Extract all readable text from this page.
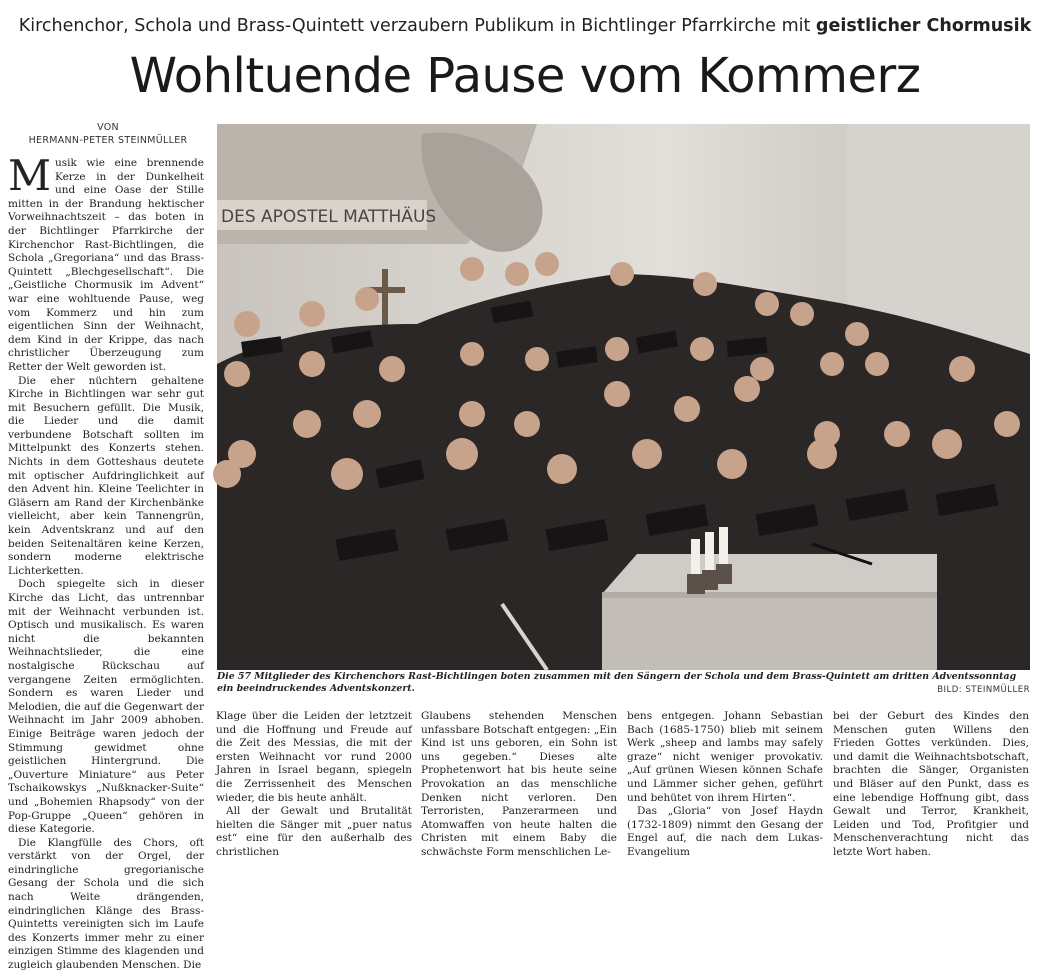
Kirchenchor, Schola und Brass-Quintett verzaubern Publikum in Bichtlinger Pfarrkirche mit geistlicher Chormusik
Wohltuende Pause vom Kommerz
VON
HERMANN-PETER STEINMÜLLER

Musik wie eine brennende Kerze in der Dunkelheit und eine Oase der Stille mitten in der Brandung hektischer Vorweihnachtszeit – das boten in der Bichtlinger Pfarrkirche der Kirchenchor Rast-Bichtlingen, die Schola „Gregoriana“ und das Brass-Quintett „Blechgesellschaft“. Die „Geistliche Chormusik im Advent“ war eine wohltuende Pause, weg vom Kommerz und hin zum eigentlichen Sinn der Weihnacht, dem Kind in der Krippe, das nach christlicher Überzeugung zum Retter der Welt geworden ist.

Die eher nüchtern gehaltene Kirche in Bichtlingen war sehr gut mit Besuchern gefüllt. Die Musik, die Lieder und die damit verbundene Botschaft sollten im Mittelpunkt des Konzerts stehen. Nichts in dem Gotteshaus deutete mit optischer Aufdringlichkeit auf den Advent hin. Kleine Teelichter in Gläsern am Rand der Kirchenbänke vielleicht, aber kein Tannengrün, kein Adventskranz und auf den beiden Seitenaltären keine Kerzen, sondern moderne elektrische Lichterketten.

Doch spiegelte sich in dieser Kirche das Licht, das untrennbar mit der Weihnacht verbunden ist. Optisch und musikalisch. Es waren nicht die bekannten Weihnachtslieder, die eine nostalgische Rückschau auf vergangene Zeiten ermöglichten. Sondern es waren Lieder und Melodien, die auf die Gegenwart der Weihnacht im Jahr 2009 abhoben. Einige Beiträge waren jedoch der Stimmung gewidmet ohne geistlichen Hintergrund. Die „Ouverture Miniature“ aus Peter Tschaikowskys „Nußknacker-Suite“ und „Bohemien Rhapsody“ von der Pop-Gruppe „Queen“ gehören in diese Kategorie.

Die Klangfülle des Chors, oft verstärkt von der Orgel, der eindringliche gregorianische Gesang der Schola und die sich nach Weite drängenden, eindringlichen Klänge des Brass-Quintetts vereinigten sich im Laufe des Konzerts immer mehr zu einer einzigen Stimme des klagenden und zugleich glaubenden Menschen. Die

DES APOSTEL MATTHÄUS
Die 57 Mitglieder des Kirchenchors Rast-Bichtlingen boten zusammen mit den Sängern der Schola und dem Brass-Quintett am dritten Adventssonntag ein beeindruckendes Adventskonzert.	BILD: STEINMÜLLER

Klage über die Leiden der letztzeit und die Hoffnung und Freude auf die Zeit des Messias, die mit der ersten Weihnacht vor rund 2000 Jahren in Israel begann, spiegeln die Zerrissenheit des Menschen wieder, die bis heute anhält.

All der Gewalt und Brutalität hielten die Sänger mit „puer natus est“ eine für den außerhalb des christlichen

Glaubens stehenden Menschen unfassbare Botschaft entgegen: „Ein Kind ist uns geboren, ein Sohn ist uns gegeben.“ Dieses alte Prophetenwort hat bis heute seine Provokation an das menschliche Denken nicht verloren. Den Terroristen, Panzerarmeen und Atomwaffen von heute halten die Christen mit einem Baby die schwächste Form menschlichen Le-

bens entgegen. Johann Sebastian Bach (1685-1750) blieb mit seinem Werk „sheep and lambs may safely graze“ nicht weniger provokativ. „Auf grünen Wiesen können Schafe und Lämmer sicher gehen, geführt und behütet von ihrem Hirten“.

Das „Gloria“ von Josef Haydn (1732-1809) nimmt den Gesang der Engel auf, die nach dem Lukas-Evangelium

bei der Geburt des Kindes den Menschen guten Willens den Frieden Gottes verkünden. Dies, und damit die Weihnachtsbotschaft, brachten die Sänger, Organisten und Bläser auf den Punkt, dass es eine lebendige Hoffnung gibt, dass Gewalt und Terror, Krankheit, Leiden und Tod, Profitgier und Menschenverachtung nicht das letzte Wort haben.
